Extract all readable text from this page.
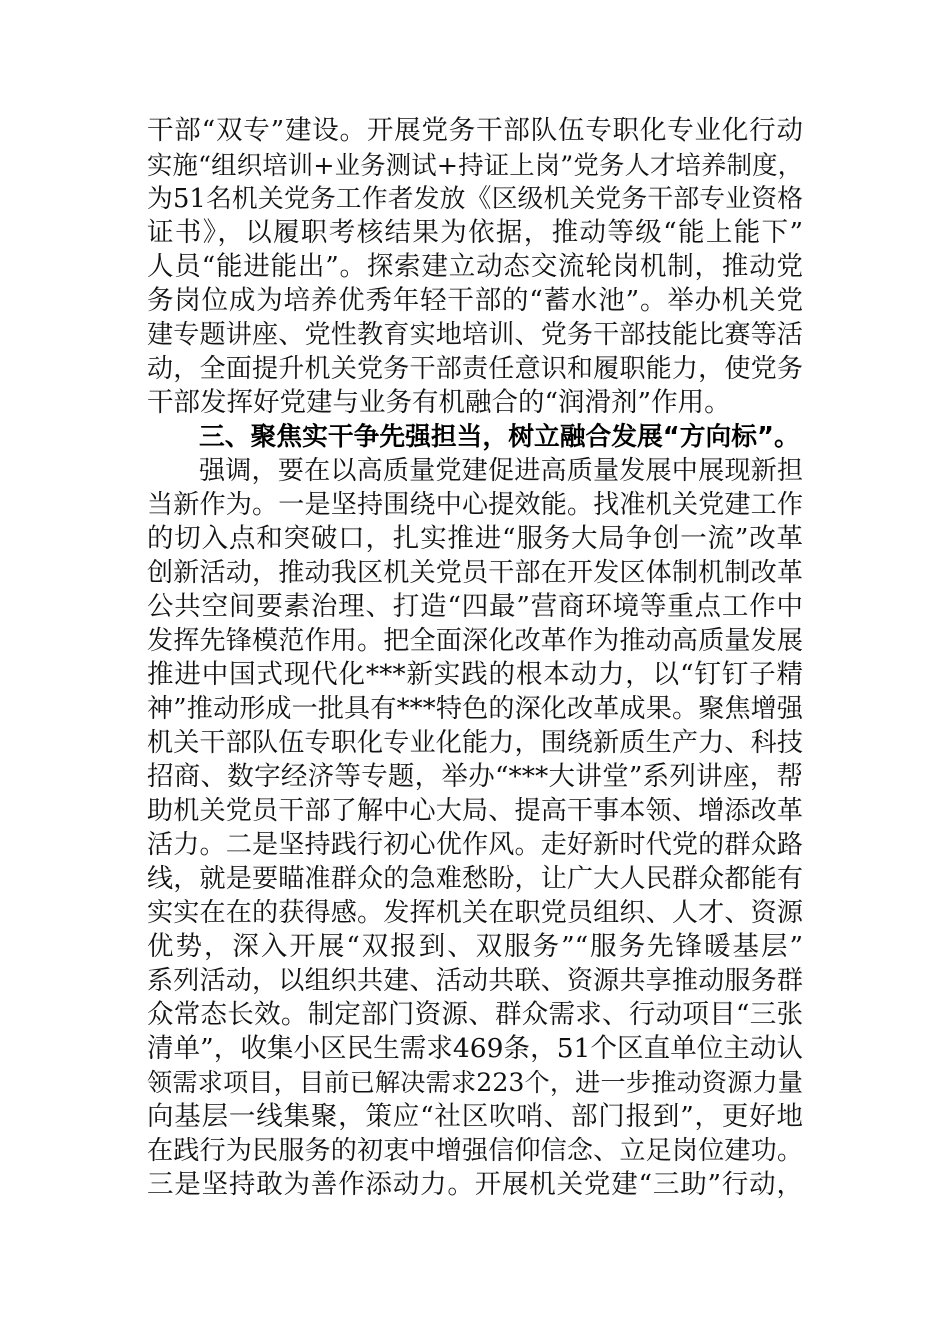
干部“双专”建设。开展党务干部队伍专职化专业化行动
实施“组织培训+业务测试+持证上岗”党务人才培养制度，
为51名机关党务工作者发放《区级机关党务干部专业资格
证书》，以履职考核结果为依据，推动等级“能上能下”
人员“能进能出”。探索建立动态交流轮岗机制，推动党
务岗位成为培养优秀年轻干部的“蓄水池”。举办机关党
建专题讲座、党性教育实地培训、党务干部技能比赛等活
动，全面提升机关党务干部责任意识和履职能力，使党务
干部发挥好党建与业务有机融合的“润滑剂”作用。
三、聚焦实干争先强担当，树立融合发展“方向标”。
强调，要在以高质量党建促进高质量发展中展现新担
当新作为。一是坚持围绕中心提效能。找准机关党建工作
的切入点和突破口，扎实推进“服务大局争创一流”改革
创新活动，推动我区机关党员干部在开发区体制机制改革
公共空间要素治理、打造“四最”营商环境等重点工作中
发挥先锋模范作用。把全面深化改革作为推动高质量发展
推进中国式现代化***新实践的根本动力，以“钉钉子精
神”推动形成一批具有***特色的深化改革成果。聚焦增强
机关干部队伍专职化专业化能力，围绕新质生产力、科技
招商、数字经济等专题，举办“***大讲堂”系列讲座，帮
助机关党员干部了解中心大局、提高干事本领、增添改革
活力。二是坚持践行初心优作风。走好新时代党的群众路
线，就是要瞄准群众的急难愁盼，让广大人民群众都能有
实实在在的获得感。发挥机关在职党员组织、人才、资源
优势，深入开展“双报到、双服务”“服务先锋暖基层”
系列活动，以组织共建、活动共联、资源共享推动服务群
众常态长效。制定部门资源、群众需求、行动项目“三张
清单”，收集小区民生需求469条，51个区直单位主动认
领需求项目，目前已解决需求223个，进一步推动资源力量
向基层一线集聚，策应“社区吹哨、部门报到”，更好地
在践行为民服务的初衷中增强信仰信念、立足岗位建功。
三是坚持敢为善作添动力。开展机关党建“三助”行动，
